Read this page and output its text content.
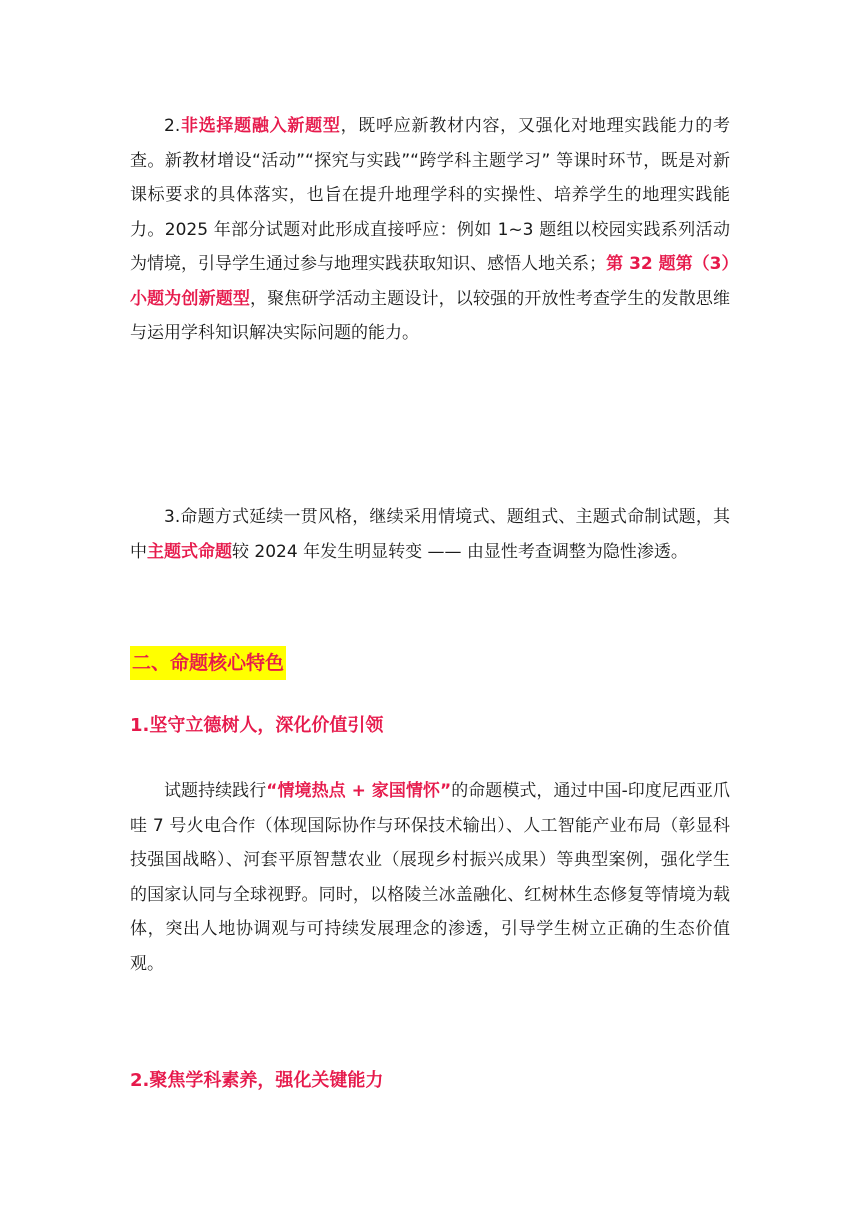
2.非选择题融入新题型，既呼应新教材内容，又强化对地理实践能力的考查。新教材增设“活动”“探究与实践”“跨学科主题学习” 等课时环节，既是对新课标要求的具体落实，也旨在提升地理学科的实操性、培养学生的地理实践能力。2025 年部分试题对此形成直接呼应：例如 1~3 题组以校园实践系列活动为情境，引导学生通过参与地理实践获取知识、感悟人地关系；第 32 题第（3）小题为创新题型，聚焦研学活动主题设计，以较强的开放性考查学生的发散思维与运用学科知识解决实际问题的能力。

3.命题方式延续一贯风格，继续采用情境式、题组式、主题式命制试题，其中主题式命题较 2024 年发生明显转变 —— 由显性考查调整为隐性渗透。

二、命题核心特色
1.坚守立德树人，深化价值引领

试题持续践行“情境热点 + 家国情怀”的命题模式，通过中国-印度尼西亚爪哇 7 号火电合作（体现国际协作与环保技术输出）、人工智能产业布局（彰显科技强国战略）、河套平原智慧农业（展现乡村振兴成果）等典型案例，强化学生的国家认同与全球视野。同时，以格陵兰冰盖融化、红树林生态修复等情境为载体，突出人地协调观与可持续发展理念的渗透，引导学生树立正确的生态价值观。

2.聚焦学科素养，强化关键能力
